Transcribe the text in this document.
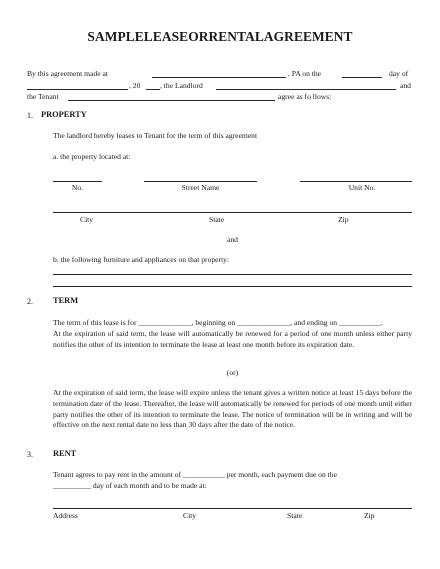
SAMPLELEASEORRENTALAGREEMENT
By this agreement made at	, PA on the	day of
, 20	, the Landlord	and
the Tenant	agree as fo llows:
1. PROPERTY
The landlord hereby leases to Tenant for the term of this agreement
a. the property located at:
No.	Street Name	Unit No.
City	State	Zip
and
b. the following furniture and appliances on that property:
2. TERM
The term of this lease is for ______________, beginning on ______________, and ending on ___________.
At the expiration of said term, the lease will automatically be renewed for a period of one month unless either party notifies the other of its intention to terminate the lease at least one month before its expiration date.
(or)
At the expiration of said term, the lease will expire unless the tenant gives a written notice at least 15 days before the termination date of the lease. Thereafter, the lease will automatically be renewed for periods of one month until either party notifies the other of its intention to terminate the lease. The notice of termination will be in writing and will be effective on the next rental date no less than 30 days after the date of the notice.
3. RENT
Tenant agrees to pay rent in the amount of ___________ per month, each payment due on the
__________ day of each month and to be made at:
Address	City	State	Zip
